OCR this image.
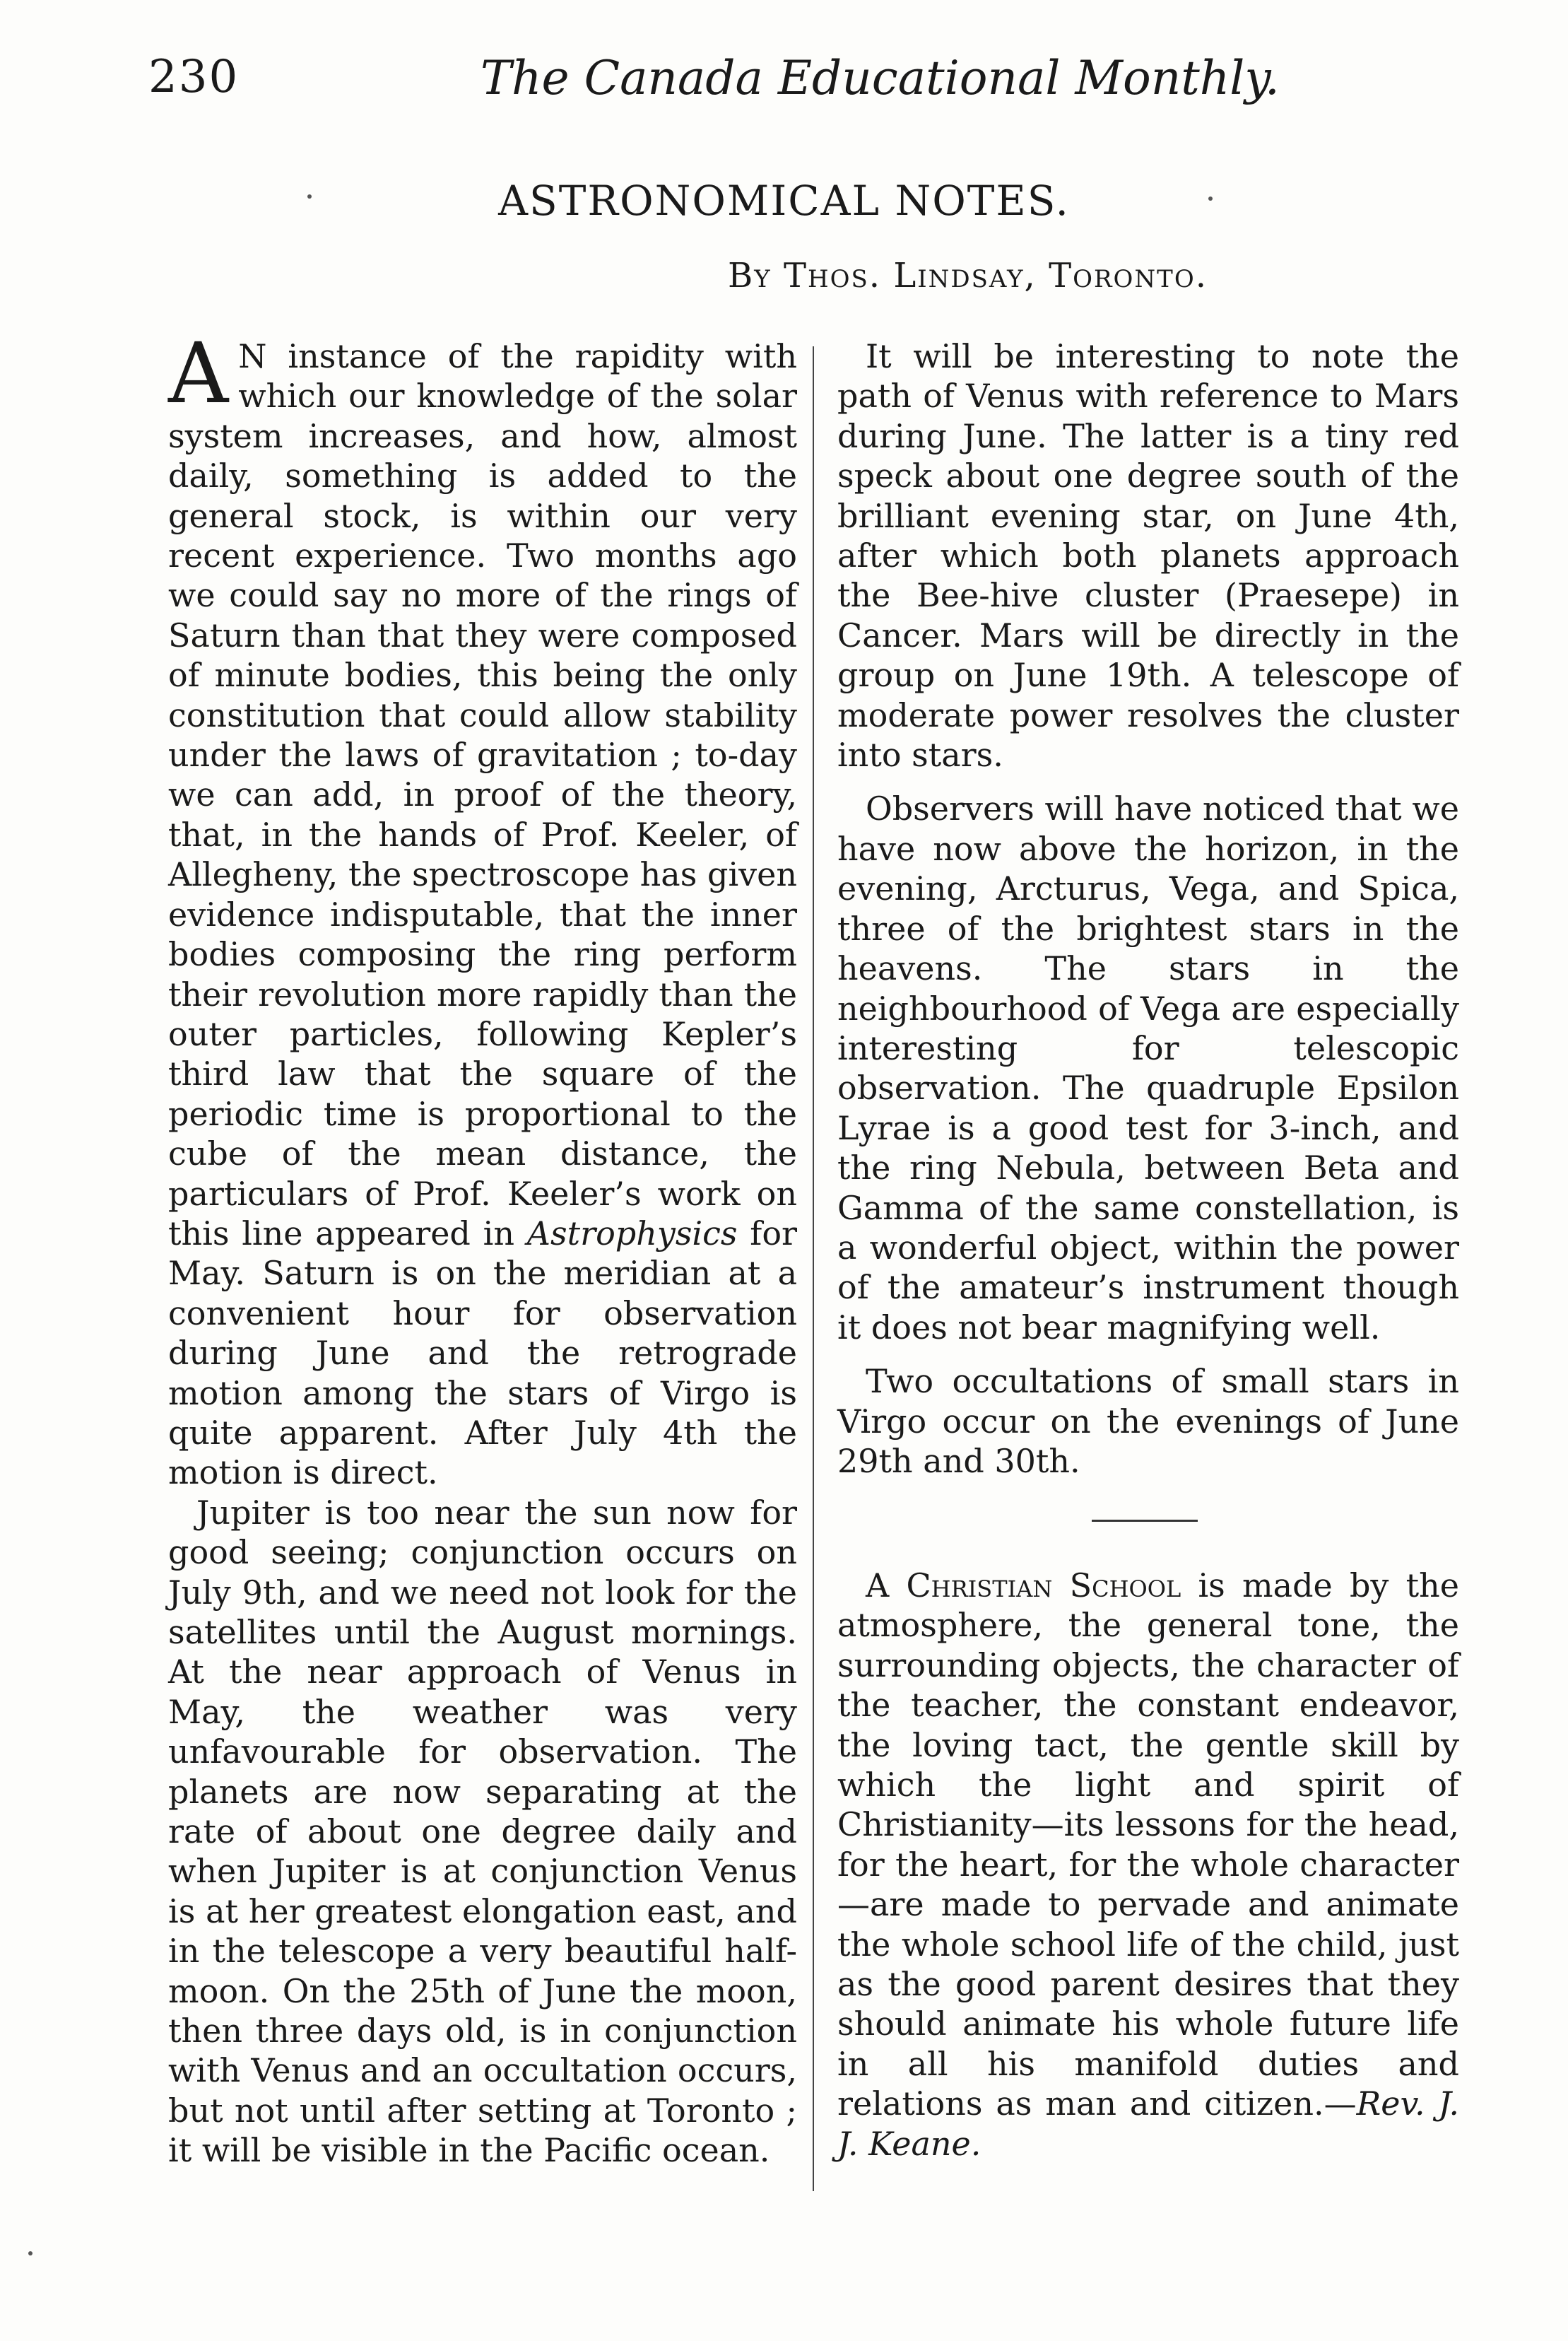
230	The Canada Educational Monthly.
ASTRONOMICAL NOTES.
By Thos. Lindsay, Toronto.

A N instance of the rapidity with which our knowledge of the solar system increases, and how, almost daily, something is added to the general stock, is within our very recent experience. Two months ago we could say no more of the rings of Saturn than that they were composed of minute bodies, this being the only constitution that could allow stability under the laws of gravitation ; to-day we can add, in proof of the theory, that, in the hands of Prof. Keeler, of Allegheny, the spectroscope has given evidence indisputable, that the inner bodies composing the ring perform their revolution more rapidly than the outer particles, following Kepler’s third law that the square of the periodic time is proportional to the cube of the mean distance, the particulars of Prof. Keeler’s work on this line appeared in Astrophysics for May. Saturn is on the meridian at a convenient hour for observation during June and the retrograde motion among the stars of Virgo is quite apparent. After July 4th the motion is direct.

Jupiter is too near the sun now for good seeing; conjunction occurs on July 9th, and we need not look for the satellites until the August mornings. At the near approach of Venus in May, the weather was very unfavourable for observation. The planets are now separating at the rate of about one degree daily and when Jupiter is at conjunction Venus is at her greatest elongation east, and in the telescope a very beautiful half-moon. On the 25th of June the moon, then three days old, is in conjunction with Venus and an occultation occurs, but not until after setting at Toronto ; it will be visible in the Pacific ocean.

It will be interesting to note the path of Venus with reference to Mars during June. The latter is a tiny red speck about one degree south of the brilliant evening star, on June 4th, after which both planets approach the Bee-hive cluster (Praesepe) in Cancer. Mars will be directly in the group on June 19th. A telescope of moderate power resolves the cluster into stars.

Observers will have noticed that we have now above the horizon, in the evening, Arcturus, Vega, and Spica, three of the brightest stars in the heavens. The stars in the neighbourhood of Vega are especially interesting for telescopic observation. The quadruple Epsilon Lyrae is a good test for 3-inch, and the ring Nebula, between Beta and Gamma of the same constellation, is a wonderful object, within the power of the amateur’s instrument though it does not bear magnifying well.

Two occultations of small stars in Virgo occur on the evenings of June 29th and 30th.

A Christian School is made by the atmosphere, the general tone, the surrounding objects, the character of the teacher, the constant endeavor, the loving tact, the gentle skill by which the light and spirit of Christianity—its lessons for the head, for the heart, for the whole character—are made to pervade and animate the whole school life of the child, just as the good parent desires that they should animate his whole future life in all his manifold duties and relations as man and citizen.—Rev. J. J. Keane.
